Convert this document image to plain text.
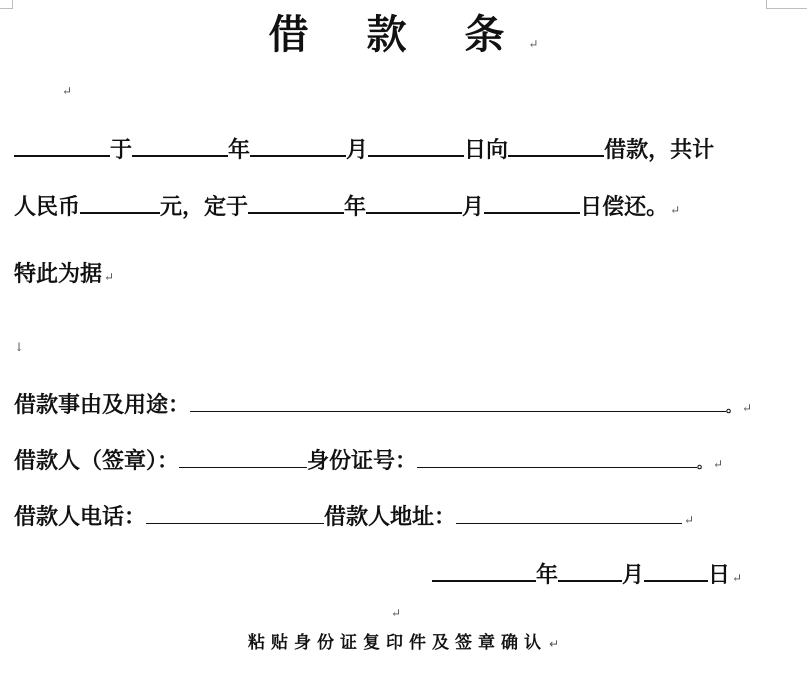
借 款 条 ↵
↵
于	年	月	日向	借款，共计
人民币	元，定于	年	月	日偿还。 ↵
特此为据 ↵
↓
借款事由及用途：	。 ↵
借款人（签章）：	身份证号：	。 ↵
借款人电话：	借款人地址：	↵
年	月	日 ↵
↵
粘贴身份证复印件及签章确认 ↵
